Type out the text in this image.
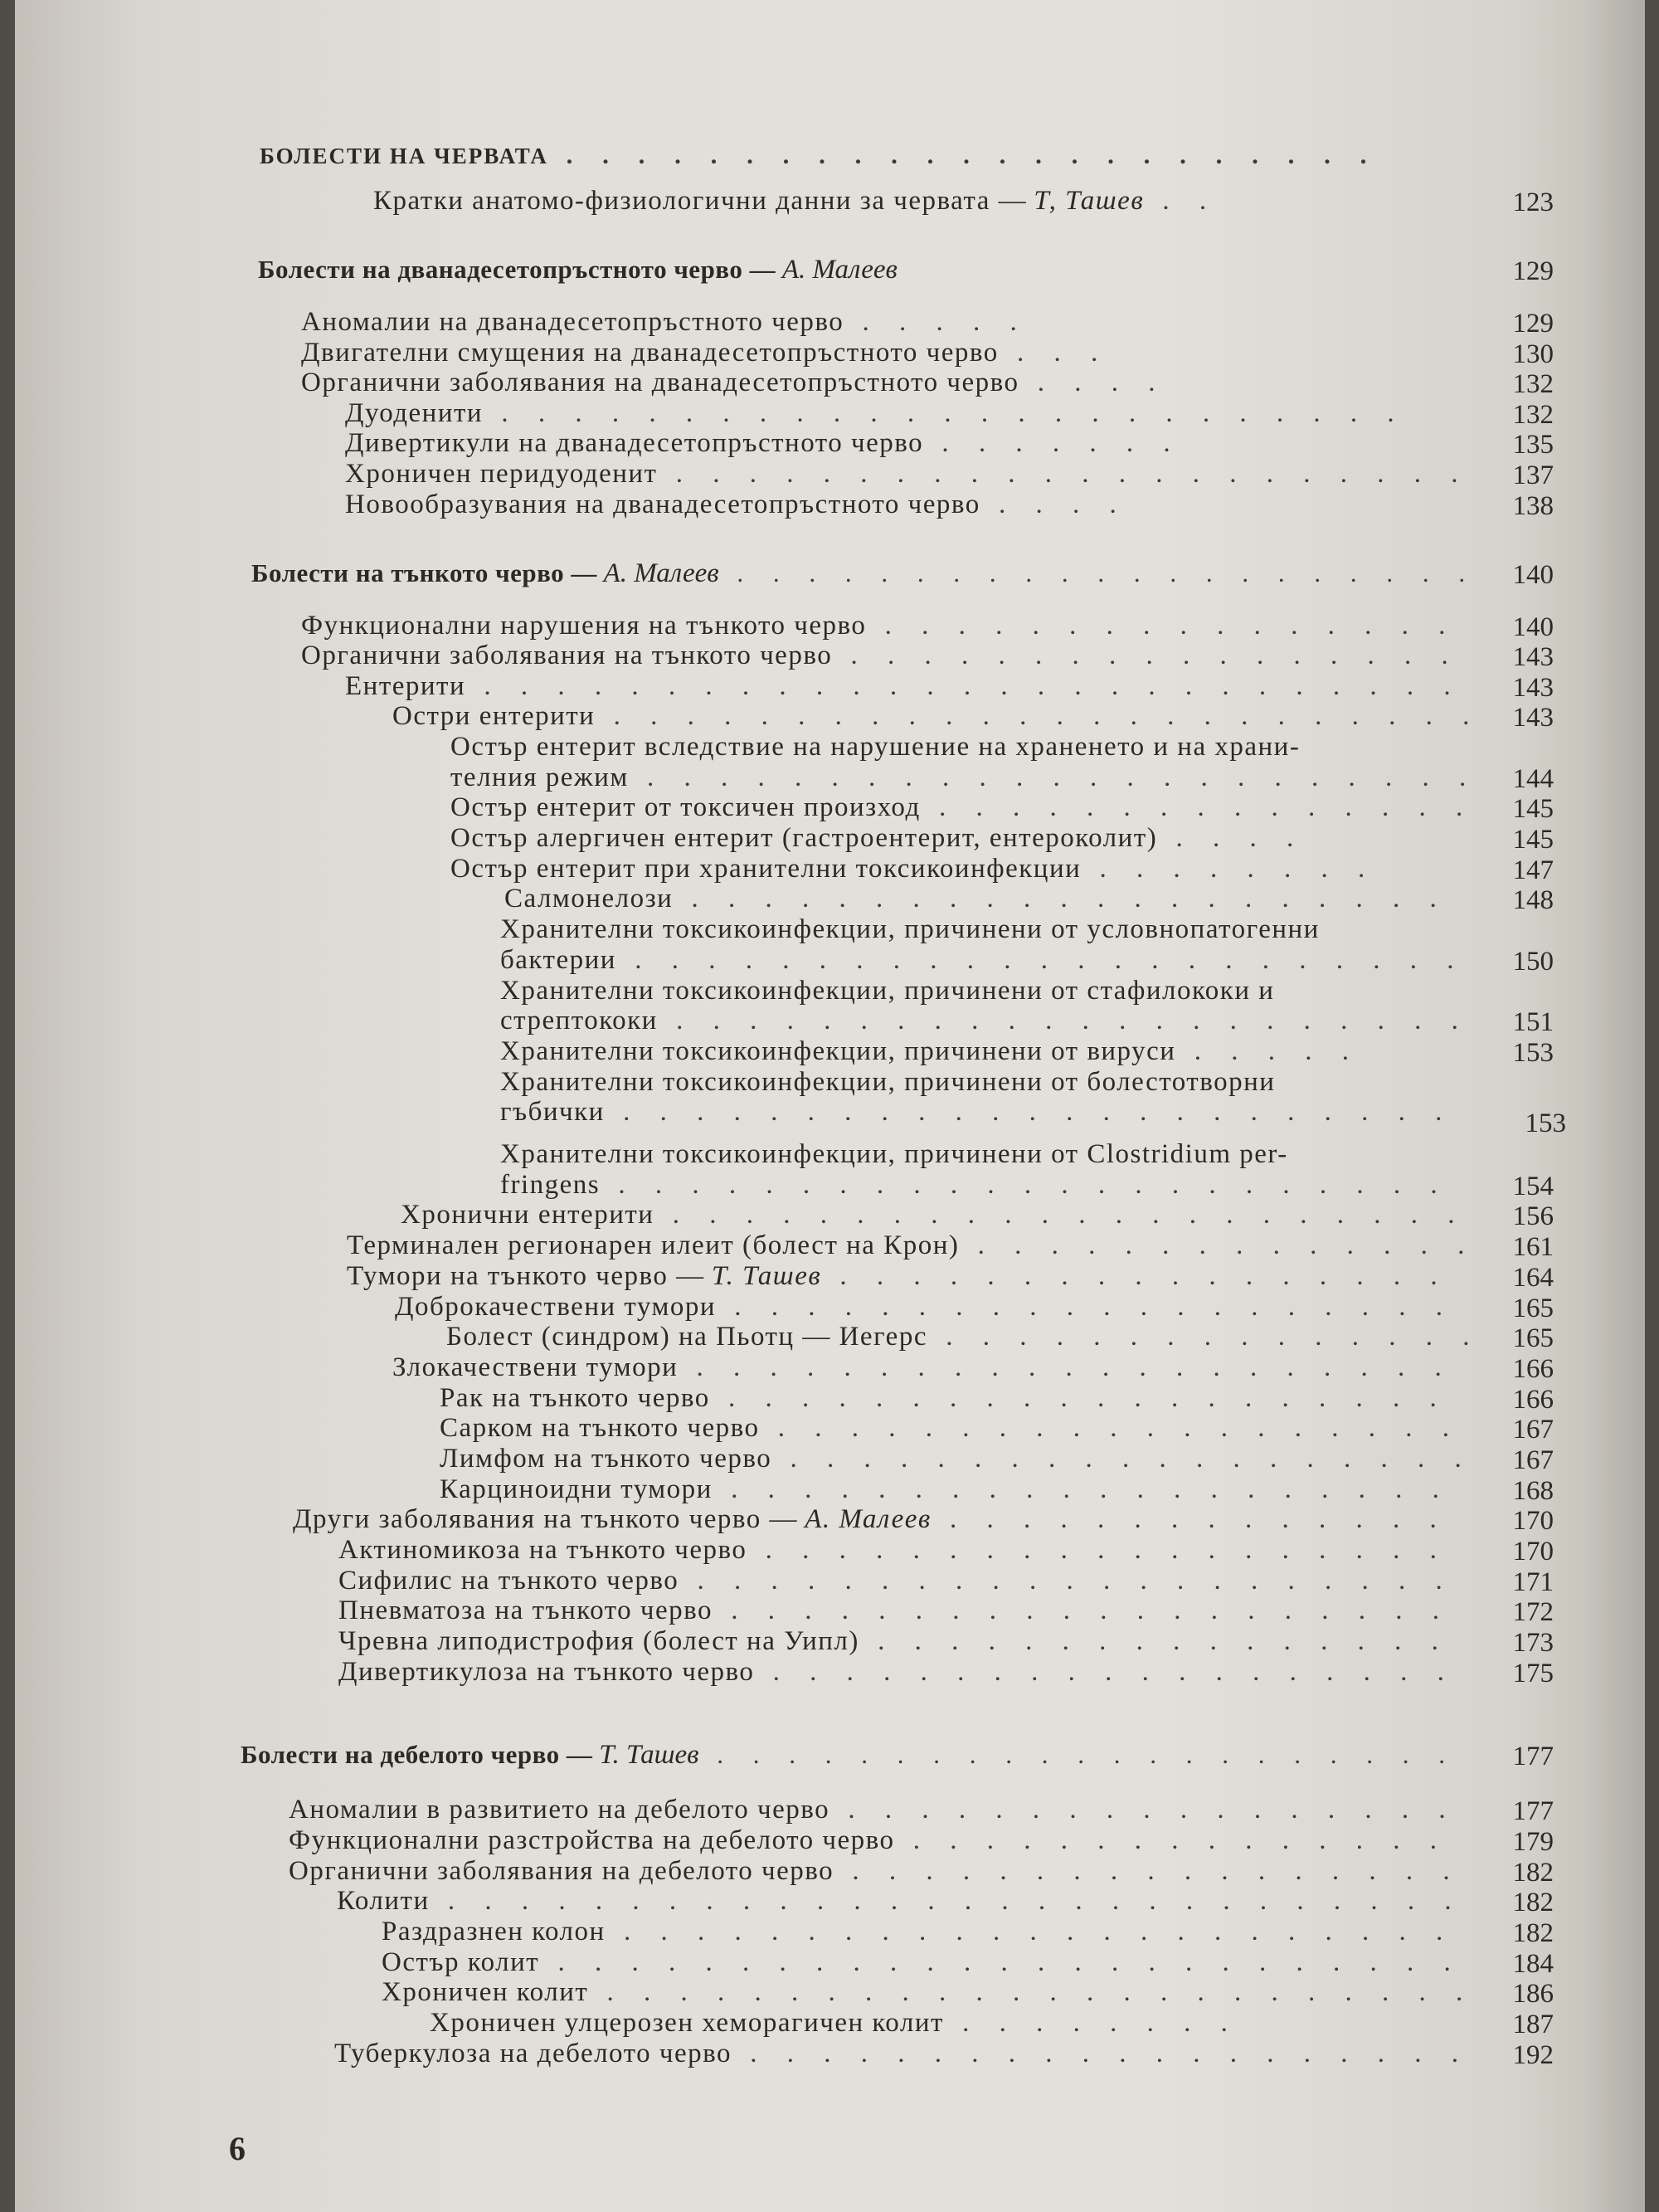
БОЛЕСТИ НА ЧЕРВАТА . . . . . . . . . . . . . . . . . . . . . . .
Кратки анатомо-физиологични данни за червата — Т, Ташев . .	123
Болести на дванадесетопръстното черво — А. Малеев	129
Аномалии на дванадесетопръстното черво . . . . .	129
Двигателни смущения на дванадесетопръстното черво . . .	130
Органични заболявания на дванадесетопръстното черво . . . .	132
Дуоденити . . . . . . . . . . . . . . . . . . . . . . . . .	132
Дивертикули на дванадесетопръстното черво . . . . . . .	135
Хроничен перидуоденит . . . . . . . . . . . . . . . . . . . . . .	137
Новообразувания на дванадесетопръстното черво . . . .	138
Болести на тънкото черво — А. Малеев . . . . . . . . . . . . . . . . . . . . .	140
Функционални нарушения на тънкото черво . . . . . . . . . . . . . . . .	140
Органични заболявания на тънкото черво . . . . . . . . . . . . . . . . .	143
Ентерити . . . . . . . . . . . . . . . . . . . . . . . . . . .	143
Остри ентерити . . . . . . . . . . . . . . . . . . . . . . . .	143
Остър ентерит вследствие на нарушение на храненето и на храни-
телния режим . . . . . . . . . . . . . . . . . . . . . . .	144
Остър ентерит от токсичен произход . . . . . . . . . . . . . . .	145
Остър алергичен ентерит (гастроентерит, ентероколит) . . . .	145
Остър ентерит при хранителни токсикоинфекции . . . . . . . .	147
Салмонелози . . . . . . . . . . . . . . . . . . . . .	148
Хранителни токсикоинфекции, причинени от условнопатогенни
бактерии . . . . . . . . . . . . . . . . . . . . . . .	150
Хранителни токсикоинфекции, причинени от стафилококи и
стрептококи . . . . . . . . . . . . . . . . . . . . . .	151
Хранителни токсикоинфекции, причинени от вируси . . . . .	153
Хранителни токсикоинфекции, причинени от болестотворни
гъбички . . . . . . . . . . . . . . . . . . . . . . .	153
Хранителни токсикоинфекции, причинени от Clostridium per-
fringens . . . . . . . . . . . . . . . . . . . . . . .	154
Хронични ентерити . . . . . . . . . . . . . . . . . . . . . .	156
Терминален регионарен илеит (болест на Крон) . . . . . . . . . . . . . .	161
Тумори на тънкото черво — Т. Ташев . . . . . . . . . . . . . . . . .	164
Доброкачествени тумори . . . . . . . . . . . . . . . . . . . .	165
Болест (синдром) на Пьотц — Иегерс . . . . . . . . . . . . . . .	165
Злокачествени тумори . . . . . . . . . . . . . . . . . . . . .	166
Рак на тънкото черво . . . . . . . . . . . . . . . . . . . .	166
Сарком на тънкото черво . . . . . . . . . . . . . . . . . . .	167
Лимфом на тънкото черво . . . . . . . . . . . . . . . . . . .	167
Карциноидни тумори . . . . . . . . . . . . . . . . . . . .	168
Други заболявания на тънкото черво — А. Малеев . . . . . . . . . . . . . .	170
Актиномикоза на тънкото черво . . . . . . . . . . . . . . . . . . .	170
Сифилис на тънкото черво . . . . . . . . . . . . . . . . . . . . .	171
Пневматоза на тънкото черво . . . . . . . . . . . . . . . . . . . .	172
Чревна липодистрофия (болест на Уипл) . . . . . . . . . . . . . . . .	173
Дивертикулоза на тънкото черво . . . . . . . . . . . . . . . . . . .	175
Болести на дебелото черво — Т. Ташев . . . . . . . . . . . . . . . . . . . . .	177
Аномалии в развитието на дебелото черво . . . . . . . . . . . . . . . . .	177
Функционални разстройства на дебелото черво . . . . . . . . . . . . . . .	179
Органични заболявания на дебелото черво . . . . . . . . . . . . . . . . .	182
Колити . . . . . . . . . . . . . . . . . . . . . . . . . . . .	182
Раздразнен колон . . . . . . . . . . . . . . . . . . . . . . .	182
Остър колит . . . . . . . . . . . . . . . . . . . . . . . . .	184
Хроничен колит . . . . . . . . . . . . . . . . . . . . . . . .	186
Хроничен улцерозен хеморагичен колит . . . . . . . .	187
Туберкулоза на дебелото черво . . . . . . . . . . . . . . . . . . . .	192
6
